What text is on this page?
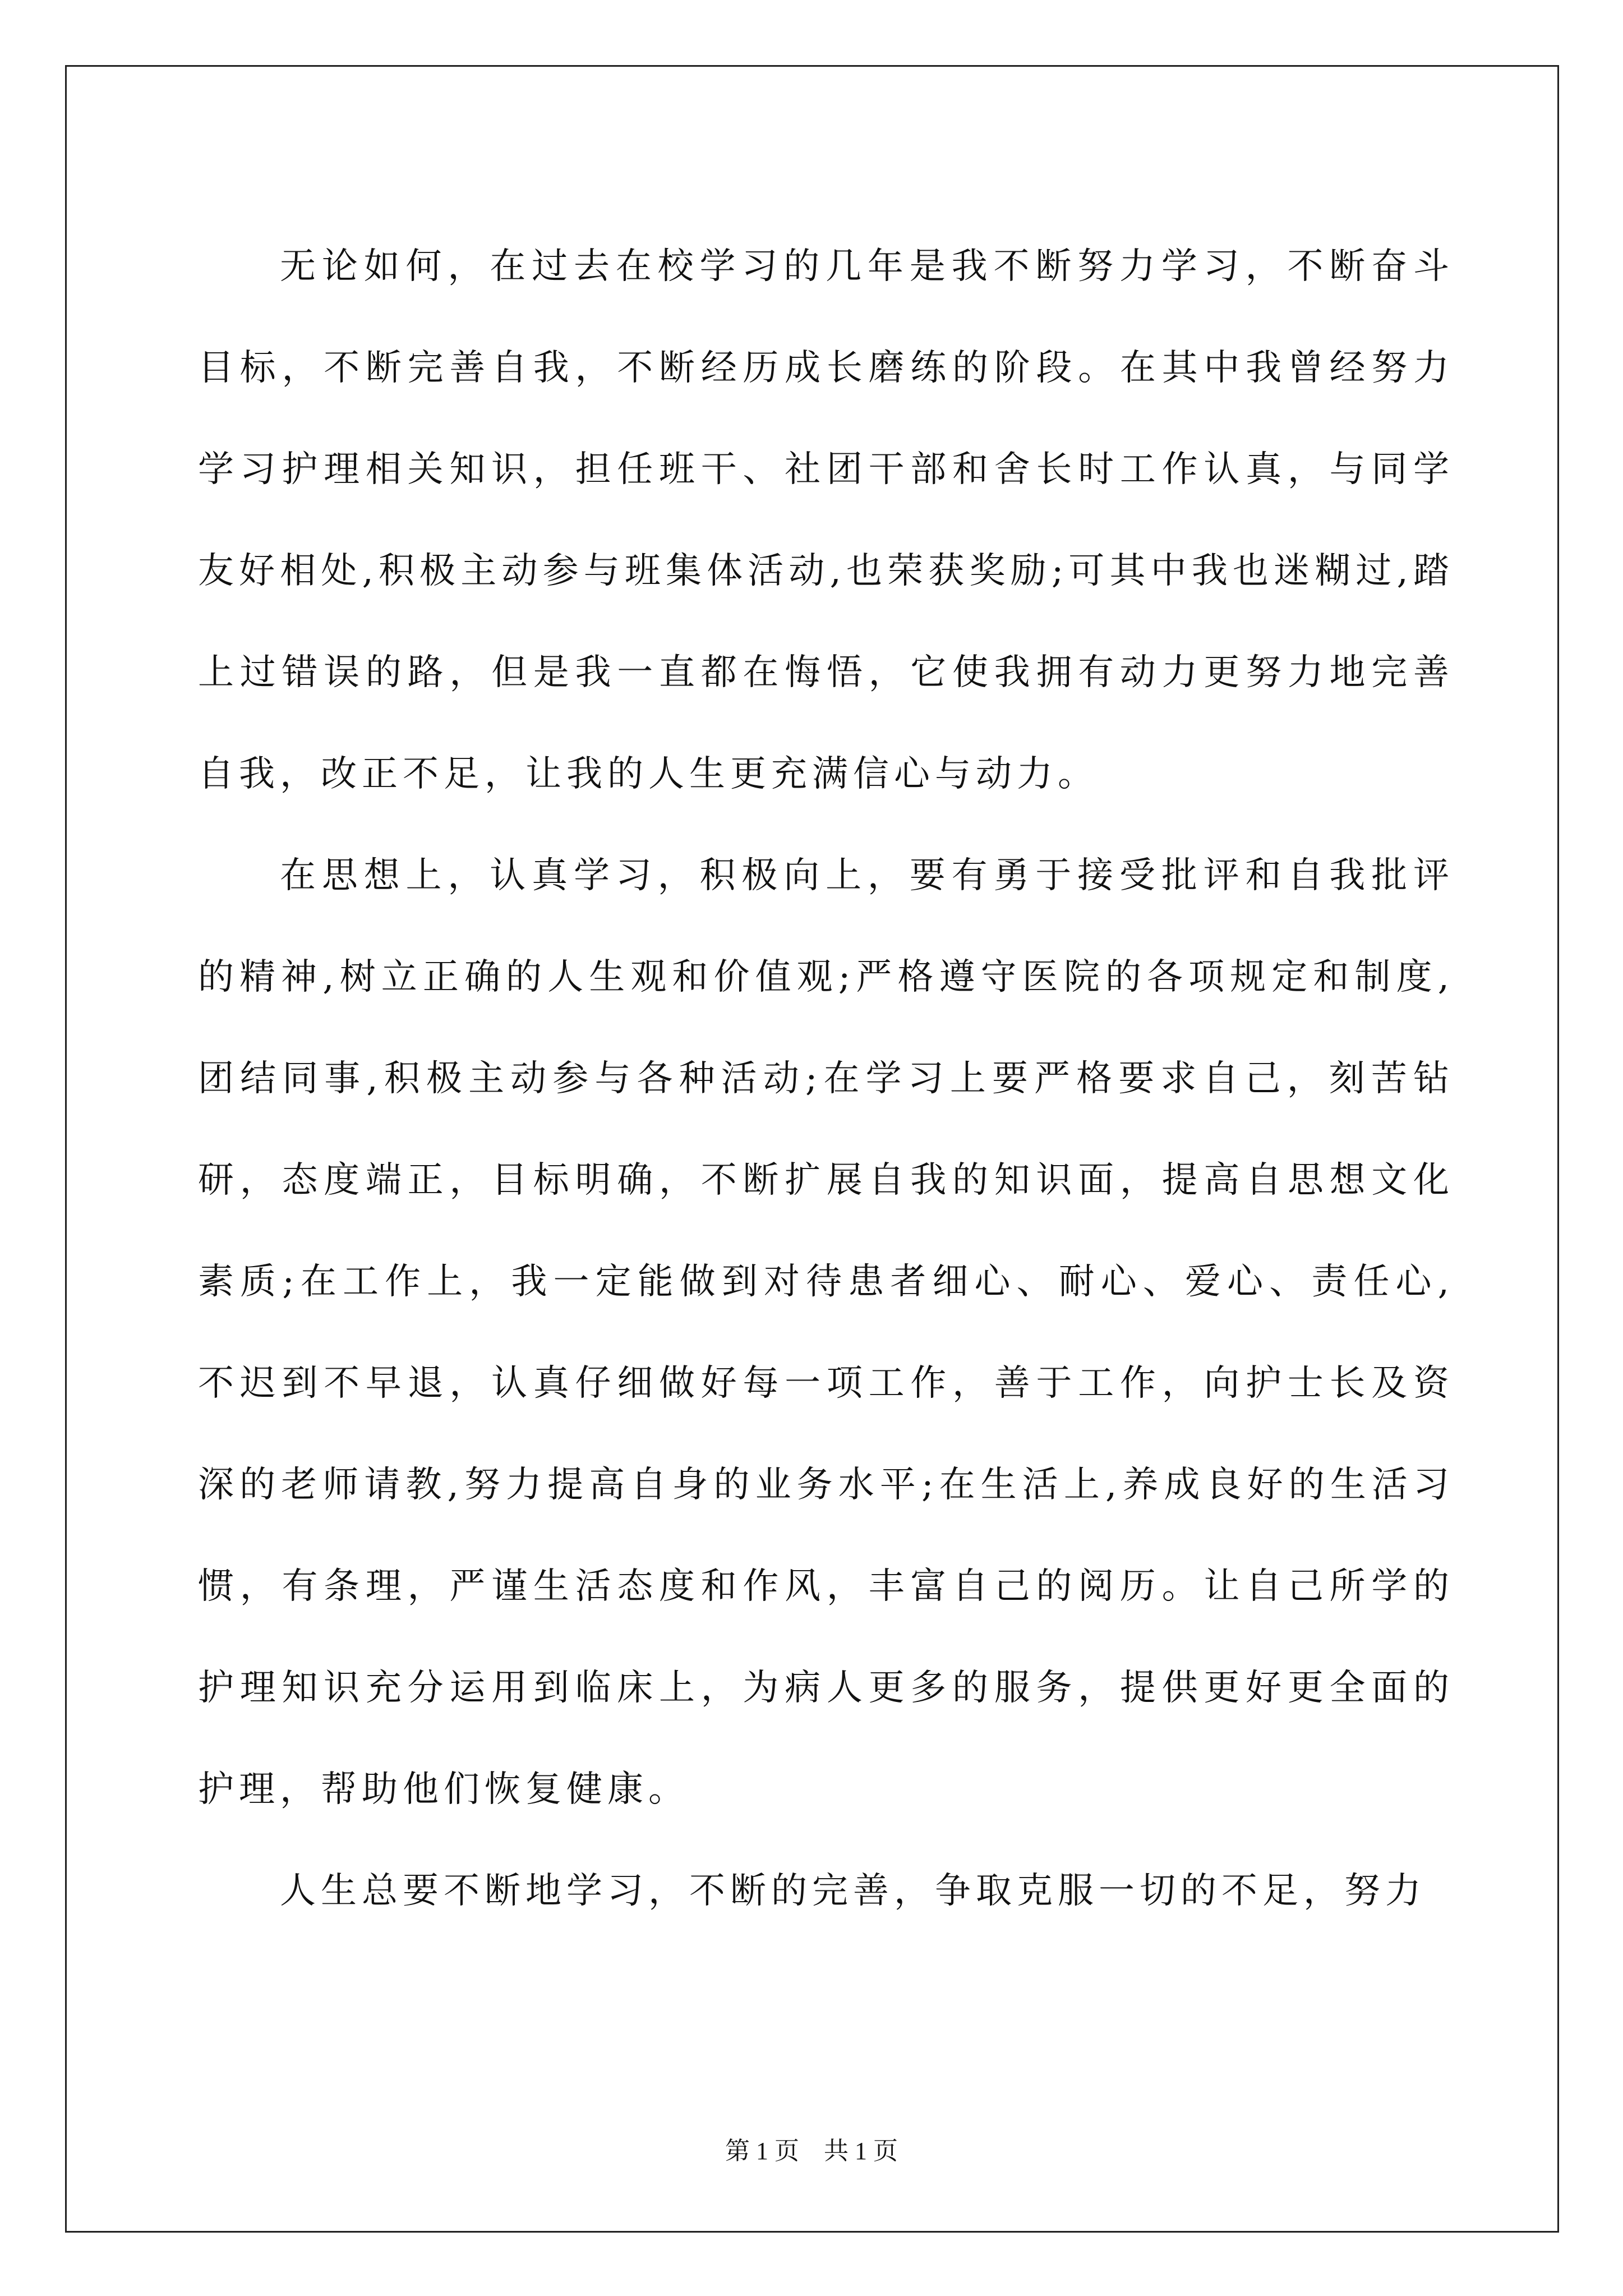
无论如何，在过去在校学习的几年是我不断努力学习，不断奋斗目标，不断完善自我，不断经历成长磨练的阶段。在其中我曾经努力学习护理相关知识，担任班干、社团干部和舍长时工作认真，与同学友好相处,积极主动参与班集体活动,也荣获奖励;可其中我也迷糊过,踏上过错误的路，但是我一直都在悔悟，它使我拥有动力更努力地完善自我，改正不足，让我的人生更充满信心与动力。

在思想上，认真学习，积极向上，要有勇于接受批评和自我批评的精神,树立正确的人生观和价值观;严格遵守医院的各项规定和制度,团结同事,积极主动参与各种活动;在学习上要严格要求自己，刻苦钻研，态度端正，目标明确，不断扩展自我的知识面，提高自思想文化素质;在工作上，我一定能做到对待患者细心、耐心、爱心、责任心,不迟到不早退，认真仔细做好每一项工作，善于工作，向护士长及资深的老师请教,努力提高自身的业务水平;在生活上,养成良好的生活习惯，有条理，严谨生活态度和作风，丰富自己的阅历。让自己所学的护理知识充分运用到临床上，为病人更多的服务，提供更好更全面的护理，帮助他们恢复健康。

人生总要不断地学习，不断的完善，争取克服一切的不足，努力

第 1 页　共 1 页
